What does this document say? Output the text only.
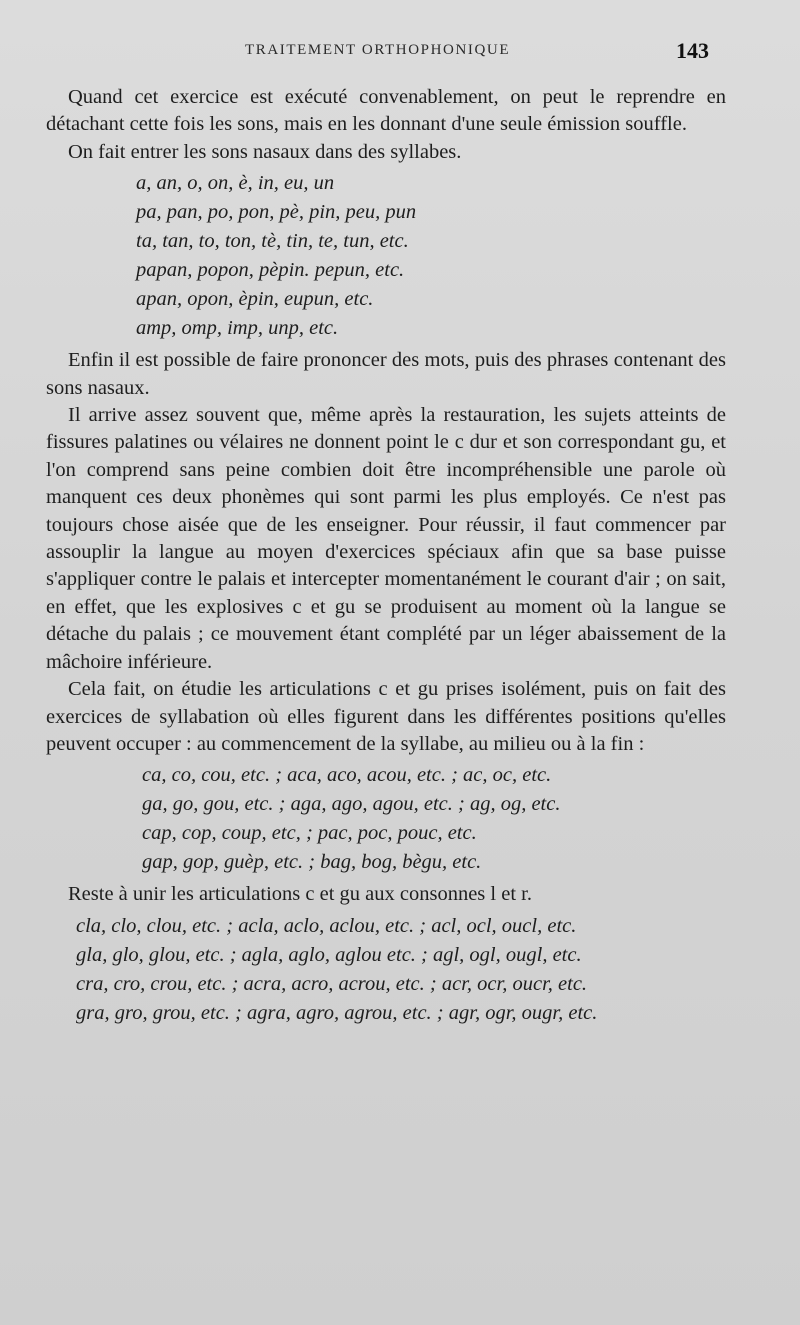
TRAITEMENT ORTHOPHONIQUE	143

Quand cet exercice est exécuté convenablement, on peut le reprendre en détachant cette fois les sons, mais en les donnant d'une seule émission souffle.

On fait entrer les sons nasaux dans des syllabes.

a, an, o, on, è, in, eu, un
pa, pan, po, pon, pè, pin, peu, pun
ta, tan, to, ton, tè, tin, te, tun, etc.
papan, popon, pèpin. pepun, etc.
apan, opon, èpin, eupun, etc.
amp, omp, imp, unp, etc.

Enfin il est possible de faire prononcer des mots, puis des phrases contenant des sons nasaux.

Il arrive assez souvent que, même après la restauration, les sujets atteints de fissures palatines ou vélaires ne donnent point le c dur et son correspondant gu, et l'on comprend sans peine combien doit être incompréhensible une parole où manquent ces deux phonèmes qui sont parmi les plus employés. Ce n'est pas toujours chose aisée que de les enseigner. Pour réussir, il faut commencer par assouplir la langue au moyen d'exercices spéciaux afin que sa base puisse s'appliquer contre le palais et intercepter momentanément le courant d'air ; on sait, en effet, que les explosives c et gu se produisent au moment où la langue se détache du palais ; ce mouvement étant complété par un léger abaissement de la mâchoire inférieure.

Cela fait, on étudie les articulations c et gu prises isolément, puis on fait des exercices de syllabation où elles figurent dans les différentes positions qu'elles peuvent occuper : au commencement de la syllabe, au milieu ou à la fin :

ca, co, cou, etc. ; aca, aco, acou, etc. ; ac, oc, etc.
ga, go, gou, etc. ; aga, ago, agou, etc. ; ag, og, etc.
cap, cop, coup, etc, ; pac, poc, pouc, etc.
gap, gop, guèp, etc. ; bag, bog, bègu, etc.

Reste à unir les articulations c et gu aux consonnes l et r.

cla, clo, clou, etc. ; acla, aclo, aclou, etc. ; acl, ocl, oucl, etc.
gla, glo, glou, etc. ; agla, aglo, aglou etc. ; agl, ogl, ougl, etc.
cra, cro, crou, etc. ; acra, acro, acrou, etc. ; acr, ocr, oucr, etc.
gra, gro, grou, etc. ; agra, agro, agrou, etc. ; agr, ogr, ougr, etc.
